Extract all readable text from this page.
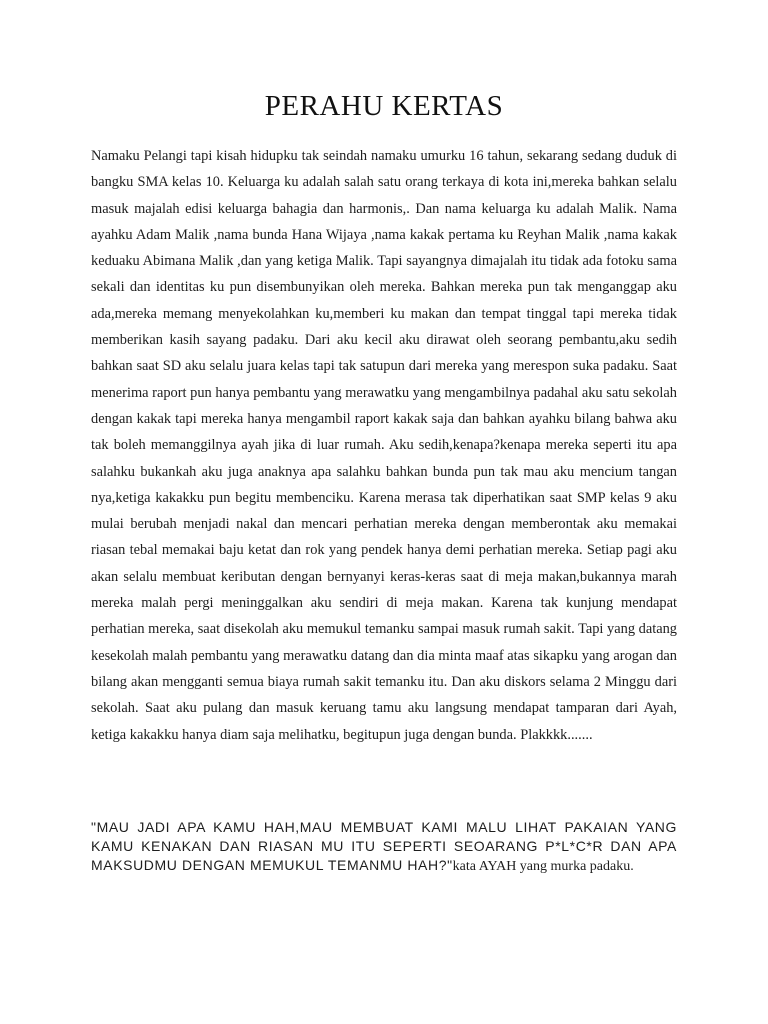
PERAHU KERTAS

Namaku Pelangi tapi kisah hidupku tak seindah namaku umurku 16 tahun, sekarang sedang duduk di bangku SMA kelas 10. Keluarga ku adalah salah satu orang terkaya di kota ini,mereka bahkan selalu masuk majalah edisi keluarga bahagia dan harmonis,. Dan nama keluarga ku adalah Malik. Nama ayahku Adam Malik ,nama bunda Hana Wijaya ,nama kakak pertama ku Reyhan Malik ,nama kakak keduaku Abimana Malik ,dan yang ketiga Malik. Tapi sayangnya dimajalah itu tidak ada fotoku sama sekali dan identitas ku pun disembunyikan oleh mereka. Bahkan mereka pun tak menganggap aku ada,mereka memang menyekolahkan ku,memberi ku makan dan tempat tinggal tapi mereka tidak memberikan kasih sayang padaku. Dari aku kecil aku dirawat oleh seorang pembantu,aku sedih bahkan saat SD aku selalu juara kelas tapi tak satupun dari mereka yang merespon suka padaku. Saat menerima raport pun hanya pembantu yang merawatku yang mengambilnya padahal aku satu sekolah dengan kakak tapi mereka hanya mengambil raport kakak saja dan bahkan ayahku bilang bahwa aku tak boleh memanggilnya ayah jika di luar rumah. Aku sedih,kenapa?kenapa mereka seperti itu apa salahku bukankah aku juga anaknya apa salahku bahkan bunda pun tak mau aku mencium tangan nya,ketiga kakakku pun begitu membenciku. Karena merasa tak diperhatikan saat SMP kelas 9 aku mulai berubah menjadi nakal dan mencari perhatian mereka dengan memberontak aku memakai riasan tebal memakai baju ketat dan rok yang pendek hanya demi perhatian mereka. Setiap pagi aku akan selalu membuat keributan dengan bernyanyi keras-keras saat di meja makan,bukannya marah mereka malah pergi meninggalkan aku sendiri di meja makan. Karena tak kunjung mendapat perhatian mereka, saat disekolah aku memukul temanku sampai masuk rumah sakit. Tapi yang datang kesekolah malah pembantu yang merawatku datang dan dia minta maaf atas sikapku yang arogan dan bilang akan mengganti semua biaya rumah sakit temanku itu. Dan aku diskors selama 2 Minggu dari sekolah. Saat aku pulang dan masuk keruang tamu aku langsung mendapat tamparan dari Ayah, ketiga kakakku hanya diam saja melihatku, begitupun juga dengan bunda. Plakkkk.......

"MAU JADI APA KAMU HAH,MAU MEMBUAT KAMI MALU LIHAT PAKAIAN YANG KAMU KENAKAN DAN RIASAN MU ITU SEPERTI SEOARANG P*L*C*R DAN APA MAKSUDMU DENGAN MEMUKUL TEMANMU HAH?"kata AYAH yang murka padaku.
